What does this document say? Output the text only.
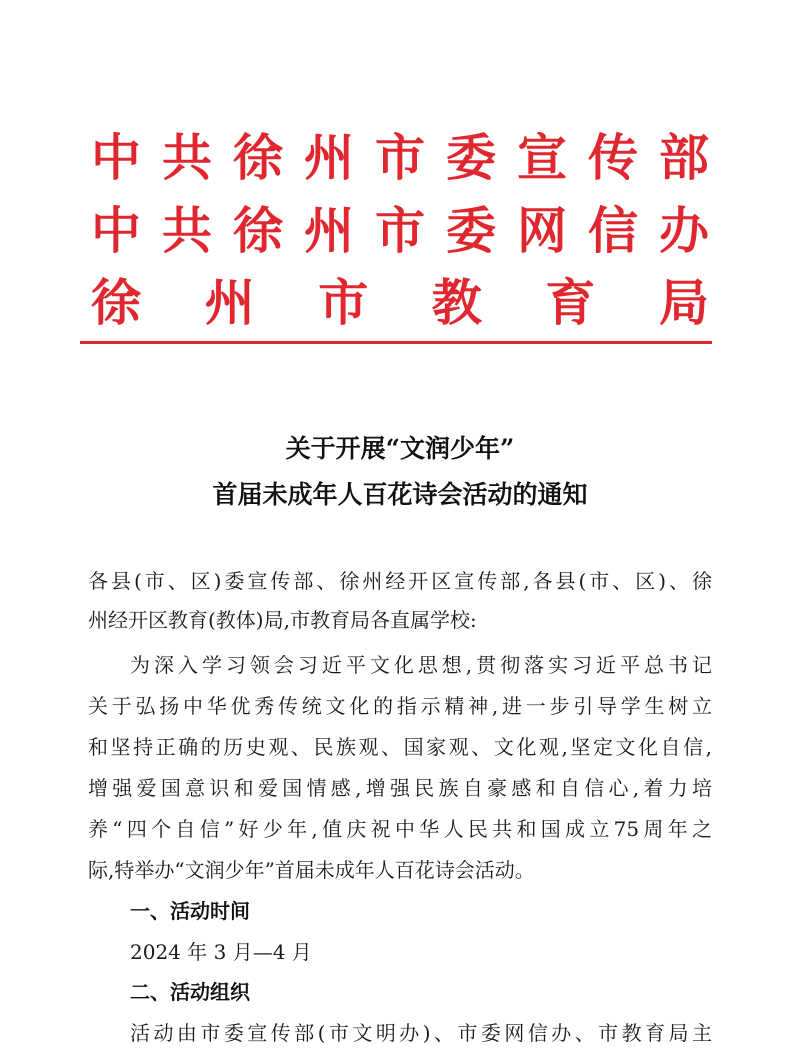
中 共 徐 州 市 委 宣 传 部
中 共 徐 州 市 委 网 信 办
徐 州 市 教 育 局
关于开展“文润少年”
首届未成年人百花诗会活动的通知
各县(市、区)委宣传部、徐州经开区宣传部,各县(市、区)、徐
州经开区教育(教体)局,市教育局各直属学校:
为深入学习领会习近平文化思想,贯彻落实习近平总书记
关于弘扬中华优秀传统文化的指示精神,进一步引导学生树立
和坚持正确的历史观、民族观、国家观、文化观,坚定文化自信,
增强爱国意识和爱国情感,增强民族自豪感和自信心,着力培
养“四个自信”好少年,值庆祝中华人民共和国成立75周年之
际,特举办“文润少年”首届未成年人百花诗会活动。
一、活动时间
2024 年 3 月—4 月
二、活动组织
活动由市委宣传部(市文明办)、市委网信办、市教育局主
